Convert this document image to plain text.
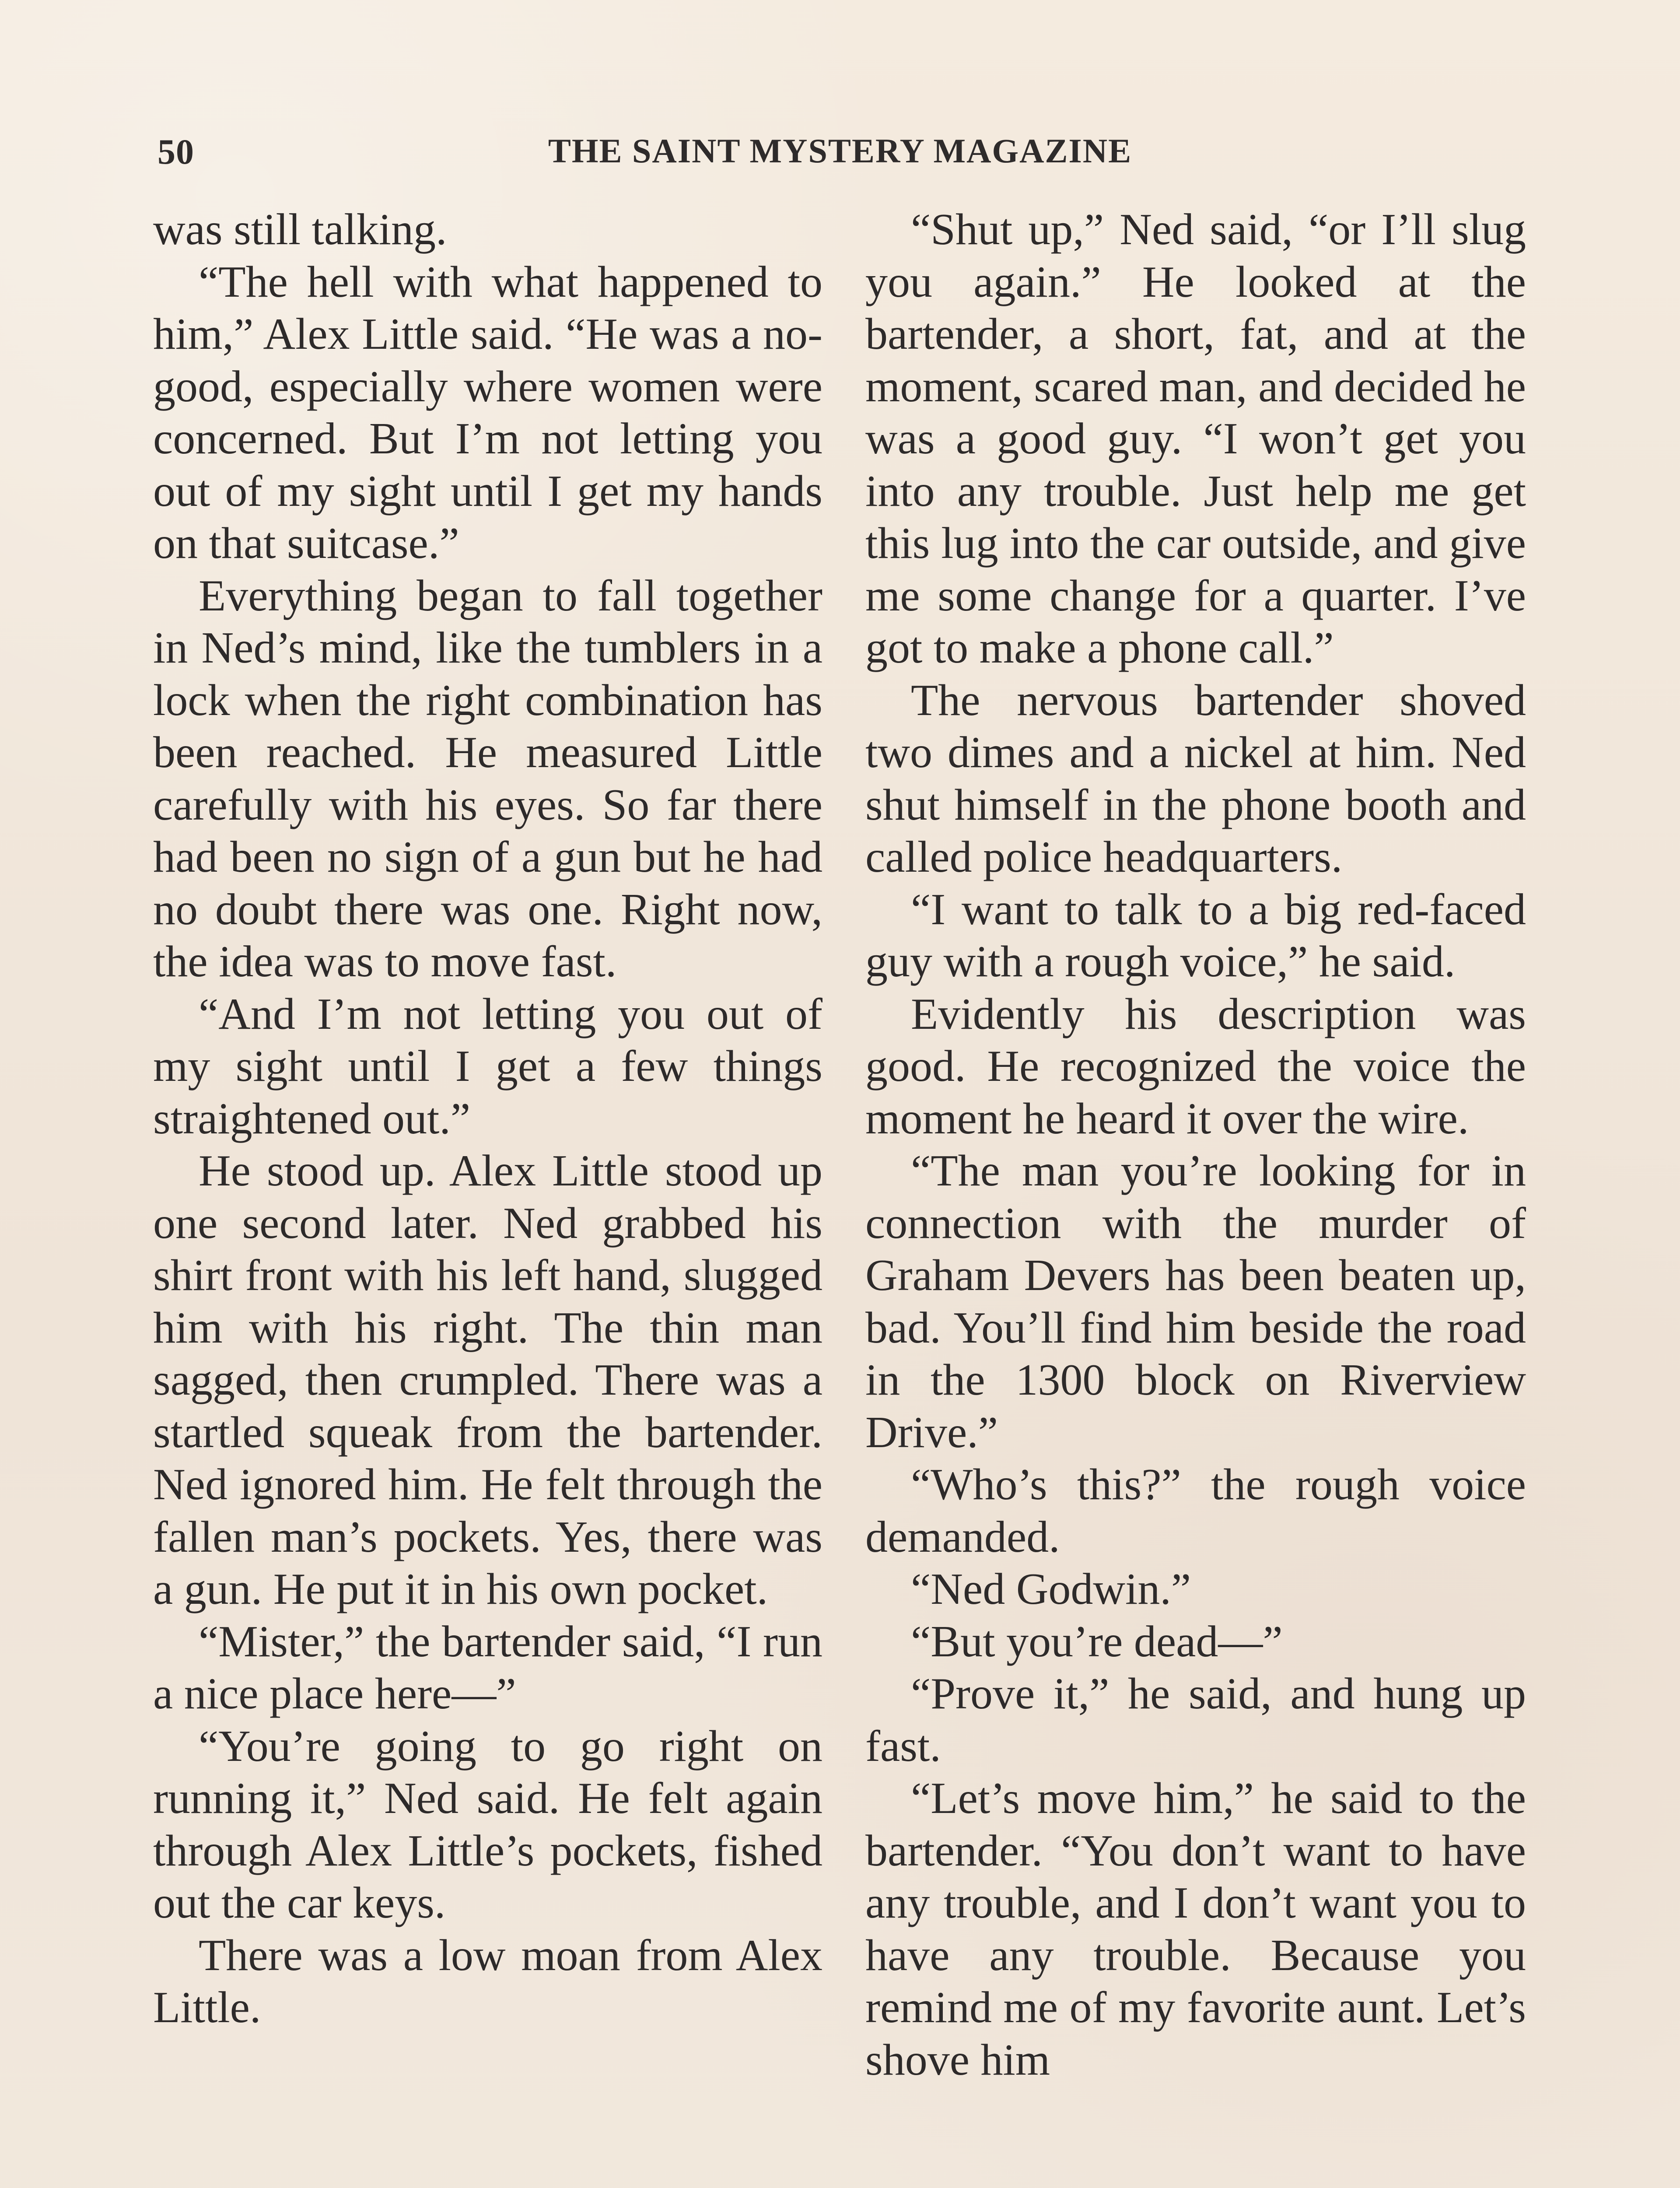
50	THE SAINT MYSTERY MAGAZINE

was still talking.

“The hell with what happened to him,” Alex Little said. “He was a no-good, especially where women were concerned. But I’m not letting you out of my sight until I get my hands on that suitcase.”

Everything began to fall together in Ned’s mind, like the tumblers in a lock when the right combination has been reached. He measured Little carefully with his eyes. So far there had been no sign of a gun but he had no doubt there was one. Right now, the idea was to move fast.

“And I’m not letting you out of my sight until I get a few things straightened out.”

He stood up. Alex Little stood up one second later. Ned grabbed his shirt front with his left hand, slugged him with his right. The thin man sagged, then crumpled. There was a startled squeak from the bartender. Ned ignored him. He felt through the fallen man’s pockets. Yes, there was a gun. He put it in his own pocket.

“Mister,” the bartender said, “I run a nice place here—”

“You’re going to go right on running it,” Ned said. He felt again through Alex Little’s pockets, fished out the car keys.

There was a low moan from Alex Little.

“Shut up,” Ned said, “or I’ll slug you again.” He looked at the bartender, a short, fat, and at the moment, scared man, and decided he was a good guy. “I won’t get you into any trouble. Just help me get this lug into the car outside, and give me some change for a quarter. I’ve got to make a phone call.”

The nervous bartender shoved two dimes and a nickel at him. Ned shut himself in the phone booth and called police headquarters.

“I want to talk to a big red-faced guy with a rough voice,” he said.

Evidently his description was good. He recognized the voice the moment he heard it over the wire.

“The man you’re looking for in connection with the murder of Graham Devers has been beaten up, bad. You’ll find him beside the road in the 1300 block on Riverview Drive.”

“Who’s this?” the rough voice demanded.

“Ned Godwin.”

“But you’re dead—”

“Prove it,” he said, and hung up fast.

“Let’s move him,” he said to the bartender. “You don’t want to have any trouble, and I don’t want you to have any trouble. Because you remind me of my favorite aunt. Let’s shove him
